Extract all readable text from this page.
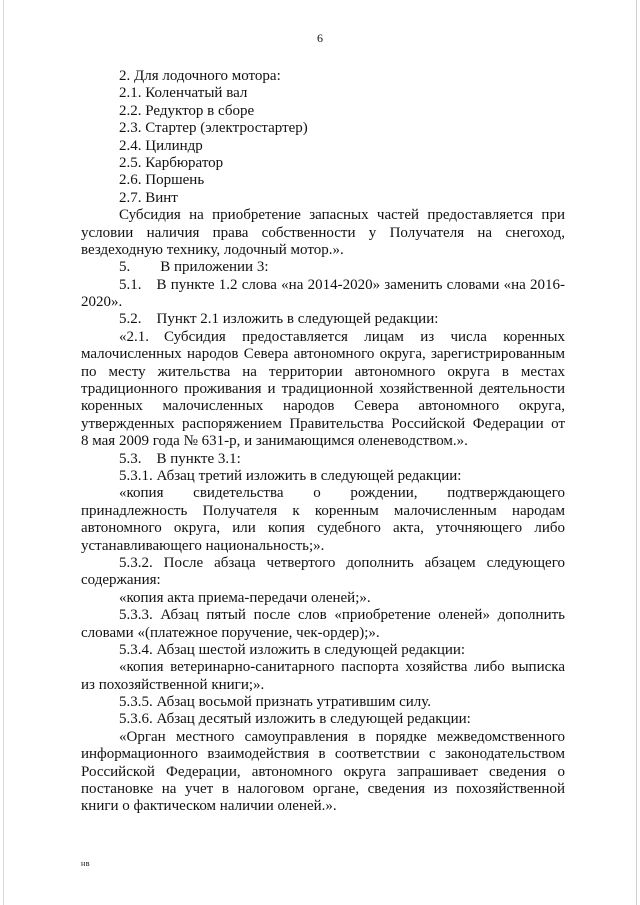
6
2. Для лодочного мотора:
2.1. Коленчатый вал
2.2. Редуктор в сборе
2.3. Стартер (электростартер)
2.4. Цилиндр
2.5. Карбюратор
2.6. Поршень
2.7. Винт
Субсидия на приобретение запасных частей предоставляется при
условии наличия права собственности у Получателя на снегоход,
вездеходную технику, лодочный мотор.».
5.  В приложении 3:
5.1. В пункте 1.2 слова «на 2014-2020» заменить словами «на 2016-
2020».
5.2. Пункт 2.1 изложить в следующей редакции:
«2.1. Субсидия предоставляется лицам из числа коренных
малочисленных народов Севера автономного округа, зарегистрированным
по месту жительства на территории автономного округа в местах
традиционного проживания и традиционной хозяйственной деятельности
коренных малочисленных народов Севера автономного округа,
утвержденных распоряжением Правительства Российской Федерации от
8 мая 2009 года № 631-р, и занимающимся оленеводством.».
5.3. В пункте 3.1:
5.3.1. Абзац третий изложить в следующей редакции:
«копия свидетельства о рождении, подтверждающего
принадлежность Получателя к коренным малочисленным народам
автономного округа, или копия судебного акта, уточняющего либо
устанавливающего национальность;».
5.3.2. После абзаца четвертого дополнить абзацем следующего
содержания:
«копия акта приема-передачи оленей;».
5.3.3. Абзац пятый после слов «приобретение оленей» дополнить
словами «(платежное поручение, чек-ордер);».
5.3.4. Абзац шестой изложить в следующей редакции:
«копия ветеринарно-санитарного паспорта хозяйства либо выписка
из похозяйственной книги;».
5.3.5. Абзац восьмой признать утратившим силу.
5.3.6. Абзац десятый изложить в следующей редакции:
«Орган местного самоуправления в порядке межведомственного
информационного взаимодействия в соответствии с законодательством
Российской Федерации, автономного округа запрашивает сведения о
постановке на учет в налоговом органе, сведения из похозяйственной
книги о фактическом наличии оленей.».
нв
